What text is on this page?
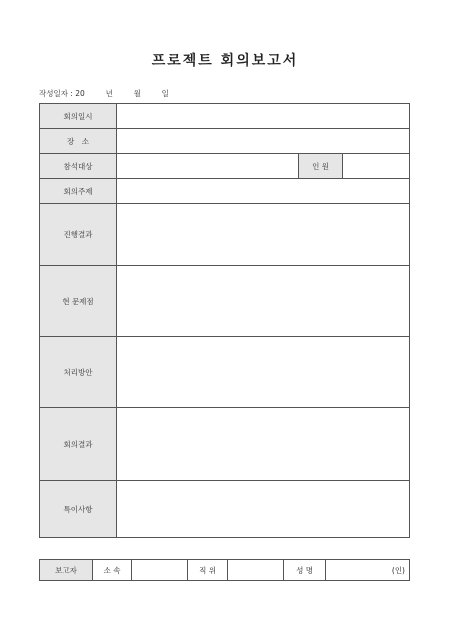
프로젝트 회의보고서
작성일자 : 20	년	월	일
회의일시			
장　소			
참석대상		인 원	
회의주제			
진행결과			
현 문제점			
처리방안			
회의결과			
특이사항			
보고자	소 속		직 위		성 명	(인)
